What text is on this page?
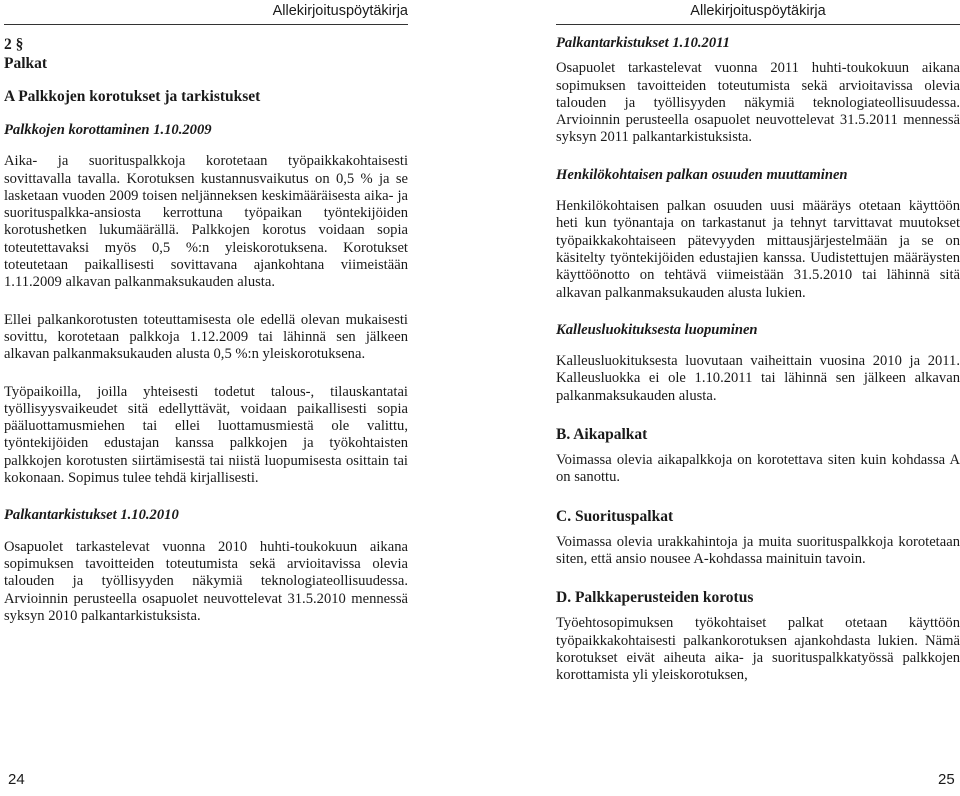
Allekirjoituspöytäkirja

2 §

Palkat

A Palkkojen korotukset ja tarkistukset

Palkkojen korottaminen 1.10.2009

Aika- ja suorituspalkkoja korotetaan työpaikkakohtaisesti sovittavalla tavalla. Korotuksen kustannusvaikutus on 0,5 % ja se lasketaan vuoden 2009 toisen neljänneksen keskimääräisesta aika- ja suorituspalkka-ansiosta kerrottuna työpaikan työntekijöiden korotushetken lukumäärällä. Palkkojen korotus voidaan sopia toteutettavaksi myös 0,5 %:n yleiskorotuksena. Korotukset toteutetaan paikallisesti sovittavana ajankohtana viimeistään 1.11.2009 alkavan palkanmaksukauden alusta.

Ellei palkankorotusten toteuttamisesta ole edellä olevan mukaisesti sovittu, korotetaan palkkoja 1.12.2009 tai lähinnä sen jälkeen alkavan palkanmaksukauden alusta 0,5 %:n yleiskorotuksena.

Työpaikoilla, joilla yhteisesti todetut talous-, tilauskantatai työllisyysvaikeudet sitä edellyttävät, voidaan paikallisesti sopia pääluottamusmiehen tai ellei luottamusmiestä ole valittu, työntekijöiden edustajan kanssa palkkojen ja työkohtaisten palkkojen korotusten siirtämisestä tai niistä luopumisesta osittain tai kokonaan. Sopimus tulee tehdä kirjallisesti.

Palkantarkistukset 1.10.2010

Osapuolet tarkastelevat vuonna 2010 huhti-toukokuun aikana sopimuksen tavoitteiden toteutumista sekä arvioitavissa olevia talouden ja työllisyyden näkymiä teknologiateollisuudessa. Arvioinnin perusteella osapuolet neuvottelevat 31.5.2010 mennessä syksyn 2010 palkantarkistuksista.

Allekirjoituspöytäkirja

Palkantarkistukset 1.10.2011

Osapuolet tarkastelevat vuonna 2011 huhti-toukokuun aikana sopimuksen tavoitteiden toteutumista sekä arvioitavissa olevia talouden ja työllisyyden näkymiä teknologiateollisuudessa. Arvioinnin perusteella osapuolet neuvottelevat 31.5.2011 mennessä syksyn 2011 palkantarkistuksista.

Henkilökohtaisen palkan osuuden muuttaminen

Henkilökohtaisen palkan osuuden uusi määräys otetaan käyttöön heti kun työnantaja on tarkastanut ja tehnyt tarvittavat muutokset työpaikkakohtaiseen pätevyyden mittausjärjestelmään ja se on käsitelty työntekijöiden edustajien kanssa. Uudistettujen määräysten käyttöönotto on tehtävä viimeistään 31.5.2010 tai lähinnä sitä alkavan palkanmaksukauden alusta lukien.

Kalleusluokituksesta luopuminen

Kalleusluokituksesta luovutaan vaiheittain vuosina 2010 ja 2011. Kalleusluokka ei ole 1.10.2011 tai lähinnä sen jälkeen alkavan palkanmaksukauden alusta.

B. Aikapalkat

Voimassa olevia aikapalkkoja on korotettava siten kuin kohdassa A on sanottu.

C. Suorituspalkat

Voimassa olevia urakkahintoja ja muita suorituspalkkoja korotetaan siten, että ansio nousee A-kohdassa mainituin tavoin.

D. Palkkaperusteiden korotus

Työehtosopimuksen työkohtaiset palkat otetaan käyttöön työpaikkakohtaisesti palkankorotuksen ajankohdasta lukien. Nämä korotukset eivät aiheuta aika- ja suorituspalkkatyössä palkkojen korottamista yli yleiskorotuksen,

24	25
